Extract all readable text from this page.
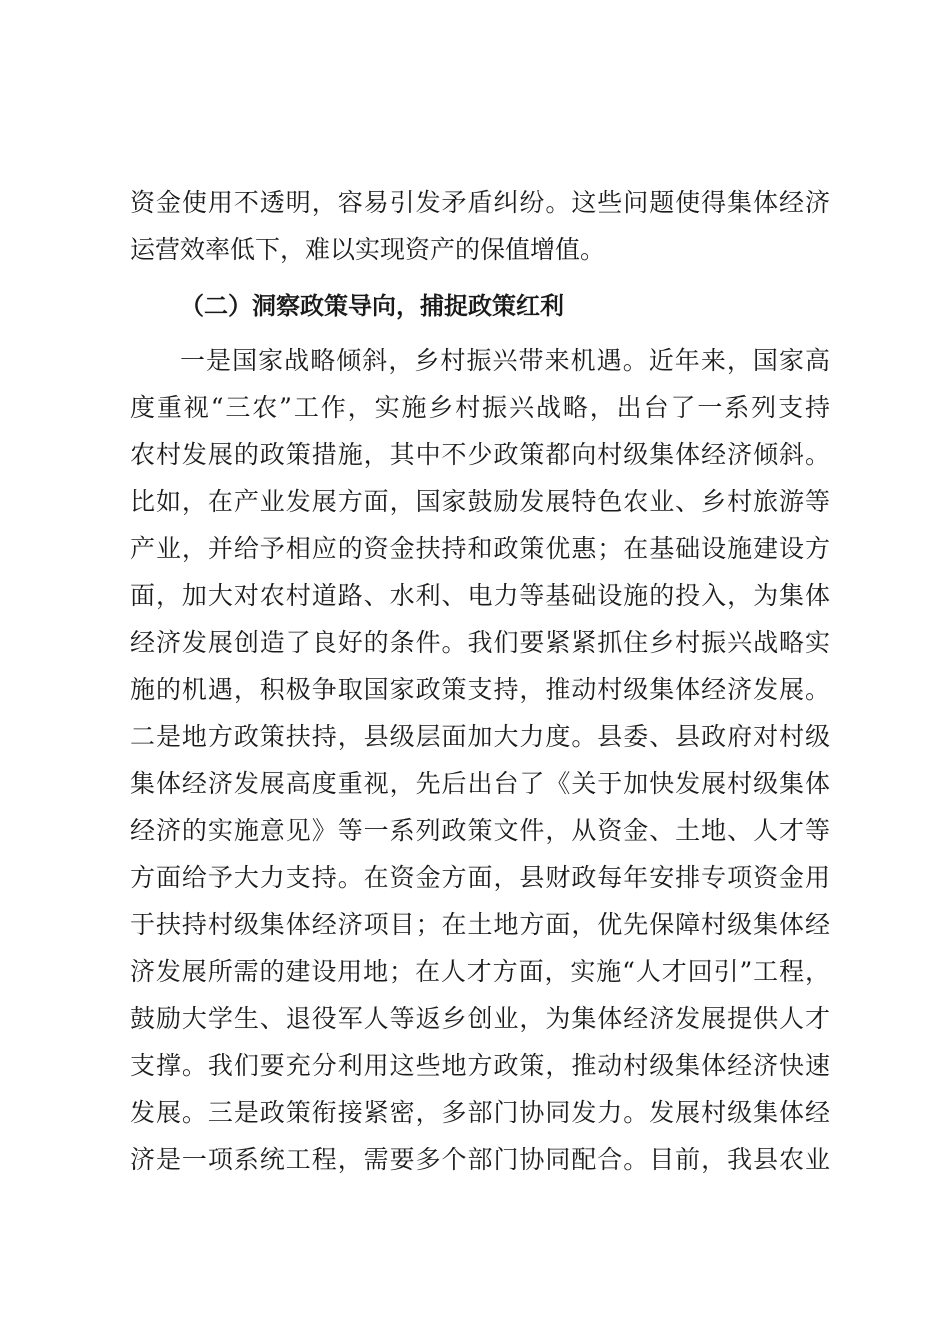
资金使用不透明，容易引发矛盾纠纷。这些问题使得集体经济
运营效率低下，难以实现资产的保值增值。
（二）洞察政策导向，捕捉政策红利
一是国家战略倾斜，乡村振兴带来机遇。近年来，国家高
度重视“三农”工作，实施乡村振兴战略，出台了一系列支持
农村发展的政策措施，其中不少政策都向村级集体经济倾斜。
比如，在产业发展方面，国家鼓励发展特色农业、乡村旅游等
产业，并给予相应的资金扶持和政策优惠；在基础设施建设方
面，加大对农村道路、水利、电力等基础设施的投入，为集体
经济发展创造了良好的条件。我们要紧紧抓住乡村振兴战略实
施的机遇，积极争取国家政策支持，推动村级集体经济发展。
二是地方政策扶持，县级层面加大力度。县委、县政府对村级
集体经济发展高度重视，先后出台了《关于加快发展村级集体
经济的实施意见》等一系列政策文件，从资金、土地、人才等
方面给予大力支持。在资金方面，县财政每年安排专项资金用
于扶持村级集体经济项目；在土地方面，优先保障村级集体经
济发展所需的建设用地；在人才方面，实施“人才回引”工程，
鼓励大学生、退役军人等返乡创业，为集体经济发展提供人才
支撑。我们要充分利用这些地方政策，推动村级集体经济快速
发展。三是政策衔接紧密，多部门协同发力。发展村级集体经
济是一项系统工程，需要多个部门协同配合。目前，我县农业
